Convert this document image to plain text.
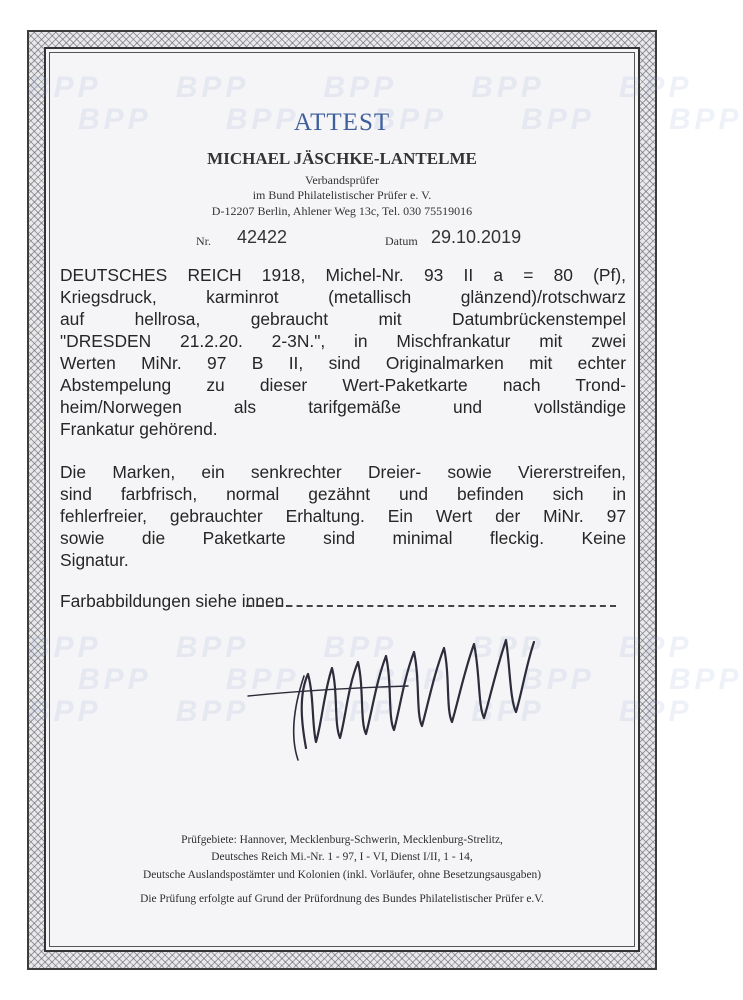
BPP

BPP

ATTEST
MICHAEL JÄSCHKE-LANTELME
Verbandsprüfer
im Bund Philatelistischer Prüfer e. V.
D-12207 Berlin, Ahlener Weg 13c, Tel. 030 75519016
Nr. 42422	Datum 29.10.2019
DEUTSCHES REICH 1918, Michel-Nr. 93 II a = 80 (Pf),
Kriegsdruck, karminrot (metallisch glänzend)/rotschwarz
auf hellrosa, gebraucht mit Datumbrückenstempel
"DRESDEN 21.2.20. 2-3N.", in Mischfrankatur mit zwei
Werten MiNr. 97 B II, sind Originalmarken mit echter
Abstempelung zu dieser Wert-Paketkarte nach Trond-
heim/Norwegen als tarifgemäße und vollständige
Frankatur gehörend.
Die Marken, ein senkrechter Dreier- sowie Viererstreifen,
sind farbfrisch, normal gezähnt und befinden sich in
fehlerfreier, gebrauchter Erhaltung. Ein Wert der MiNr. 97
sowie die Paketkarte sind minimal fleckig. Keine
Signatur.
Farbabbildungen siehe innen.
Prüfgebiete: Hannover, Mecklenburg-Schwerin, Mecklenburg-Strelitz,
Deutsches Reich Mi.-Nr. 1 - 97, I - VI, Dienst I/II, 1 - 14,
Deutsche Auslandspostämter und Kolonien (inkl. Vorläufer, ohne Besetzungsausgaben)
Die Prüfung erfolgte auf Grund der Prüfordnung des Bundes Philatelistischer Prüfer e.V.
